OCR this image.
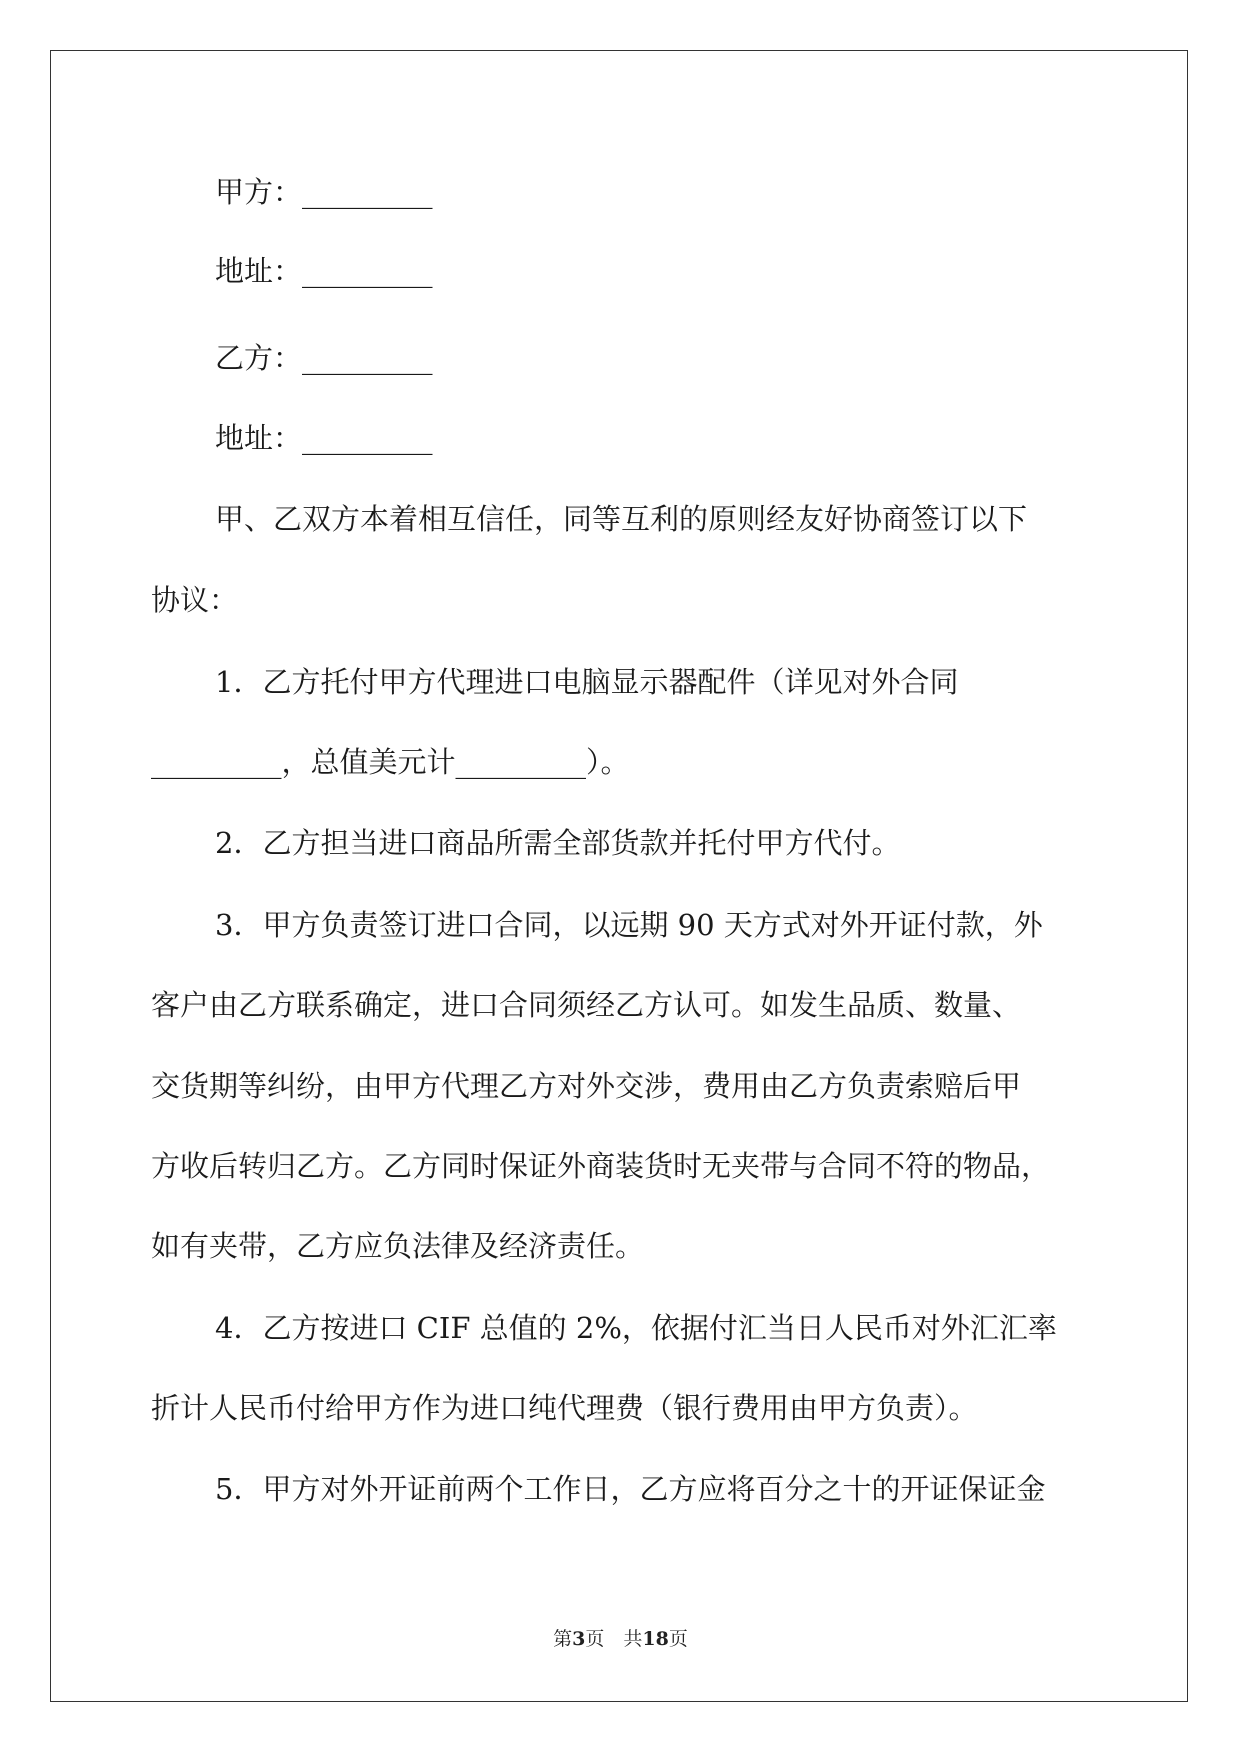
甲方：_________
地址：_________
乙方：_________
地址：_________
甲、乙双方本着相互信任，同等互利的原则经友好协商签订以下
协议：
1．乙方托付甲方代理进口电脑显示器配件（详见对外合同
_________，总值美元计_________）。
2．乙方担当进口商品所需全部货款并托付甲方代付。
3．甲方负责签订进口合同，以远期 90 天方式对外开证付款，外
客户由乙方联系确定，进口合同须经乙方认可。如发生品质、数量、
交货期等纠纷，由甲方代理乙方对外交涉，费用由乙方负责索赔后甲
方收后转归乙方。乙方同时保证外商装货时无夹带与合同不符的物品，
如有夹带，乙方应负法律及经济责任。
4．乙方按进口 CIF 总值的 2%，依据付汇当日人民币对外汇汇率
折计人民币付给甲方作为进口纯代理费（银行费用由甲方负责）。
5．甲方对外开证前两个工作日，乙方应将百分之十的开证保证金
第3页　共18页
